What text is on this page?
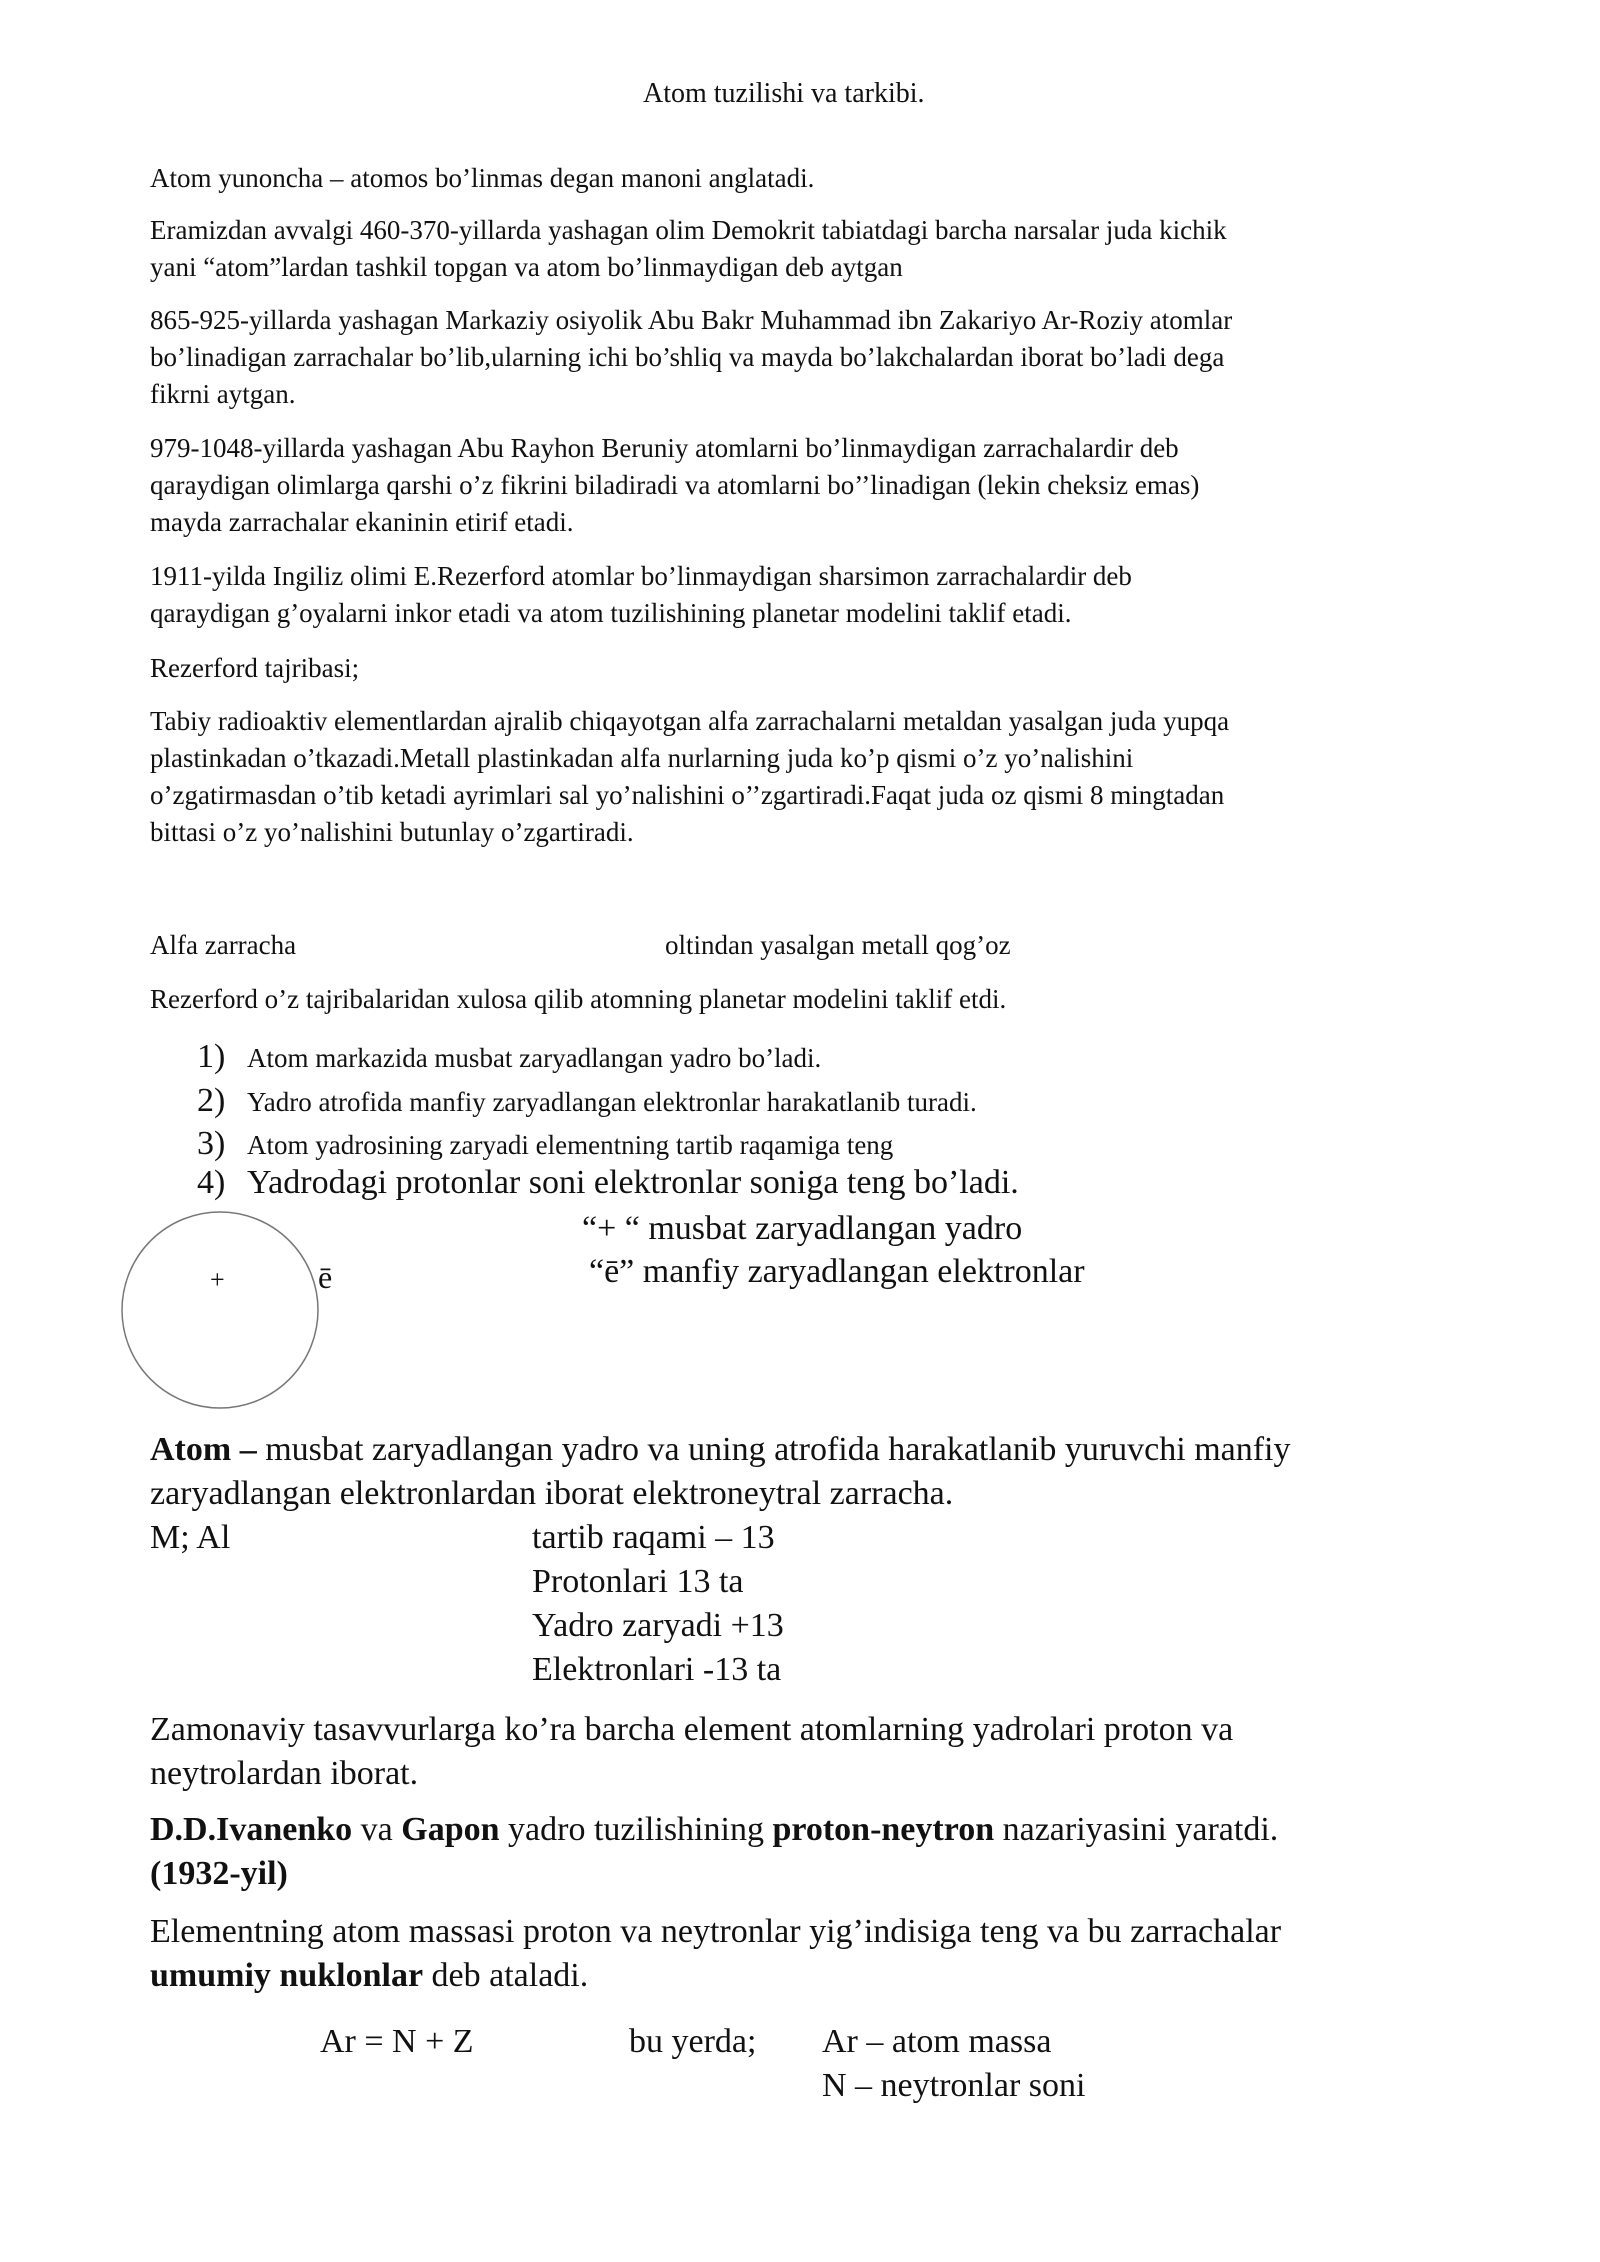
Atom tuzilishi va tarkibi.
Atom yunoncha – atomos bo’linmas degan manoni anglatadi.
Eramizdan avvalgi 460-370-yillarda yashagan olim Demokrit tabiatdagi barcha narsalar juda kichik
yani “atom”lardan tashkil topgan va atom bo’linmaydigan deb aytgan
865-925-yillarda yashagan Markaziy osiyolik Abu Bakr Muhammad ibn Zakariyo Ar-Roziy atomlar
bo’linadigan zarrachalar bo’lib,ularning ichi bo’shliq va mayda bo’lakchalardan iborat bo’ladi dega
fikrni aytgan.
979-1048-yillarda yashagan Abu Rayhon Beruniy atomlarni bo’linmaydigan zarrachalardir deb
qaraydigan olimlarga qarshi o’z fikrini biladiradi va atomlarni bo’’linadigan (lekin cheksiz emas)
mayda zarrachalar ekaninin etirif etadi.
1911-yilda Ingiliz olimi E.Rezerford atomlar bo’linmaydigan sharsimon zarrachalardir deb
qaraydigan g’oyalarni inkor etadi va atom tuzilishining planetar modelini taklif etadi.
Rezerford tajribasi;
Tabiy radioaktiv elementlardan ajralib chiqayotgan alfa zarrachalarni metaldan yasalgan juda yupqa
plastinkadan o’tkazadi.Metall plastinkadan alfa nurlarning juda ko’p qismi o’z yo’nalishini
o’zgatirmasdan o’tib ketadi ayrimlari sal yo’nalishini o’’zgartiradi.Faqat juda oz qismi 8 mingtadan
bittasi o’z yo’nalishini butunlay o’zgartiradi.
Alfa zarracha	oltindan yasalgan metall qog’oz
Rezerford o’z tajribalaridan xulosa qilib atomning planetar modelini taklif etdi.
1) Atom markazida musbat zaryadlangan yadro bo’ladi.
2) Yadro atrofida manfiy zaryadlangan elektronlar harakatlanib turadi.
3) Atom yadrosining zaryadi elementning tartib raqamiga teng
4) Yadrodagi protonlar soni elektronlar soniga teng bo’ladi.
+	ē
“+ “ musbat zaryadlangan yadro
“ē” manfiy zaryadlangan elektronlar
Atom – musbat zaryadlangan yadro va uning atrofida harakatlanib yuruvchi manfiy
zaryadlangan elektronlardan iborat elektroneytral zarracha.
M; Al	tartib raqami – 13
Protonlari 13 ta
Yadro zaryadi +13
Elektronlari -13 ta
Zamonaviy tasavvurlarga ko’ra barcha element atomlarning yadrolari proton va
neytrolardan iborat.
D.D.Ivanenko va Gapon yadro tuzilishining proton-neytron nazariyasini yaratdi.
(1932-yil)
Elementning atom massasi proton va neytronlar yig’indisiga teng va bu zarrachalar
umumiy nuklonlar deb ataladi.
Ar = N + Z	bu yerda; Ar – atom massa
N – neytronlar soni
